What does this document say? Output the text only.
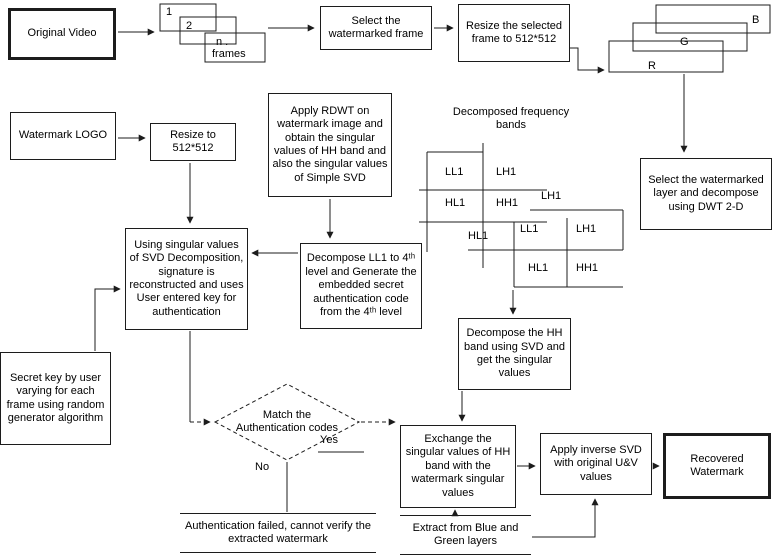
Original Video
Select the watermarked frame
Resize the selected frame to 512*512
Select the watermarked layer and decompose using DWT 2-D
Watermark LOGO	Resize to 512*512
Apply RDWT on watermark image and obtain the singular values of HH band and also the singular values of Simple SVD
Using singular values of SVD Decomposition, signature is reconstructed and uses User entered key for authentication
Decompose LL1 to 4ᵗʰ level and Generate the embedded secret authentication code from the 4ᵗʰ level
Decompose the HH band using SVD and get the singular values
Secret key by user varying for each frame using random generator algorithm
Exchange the singular values of HH band with the watermark singular values
Apply inverse SVD with original U&V values
Recovered Watermark
Authentication failed, cannot verify the extracted watermark
Extract from Blue and Green layers
Match the Authentication codes
Yes
No
1
2
n .
frames
B
G
R
Decomposed frequency bands
LL1	LH1
HL1	HH1
LH1
HL1
LL1	LH1
HL1	HH1
